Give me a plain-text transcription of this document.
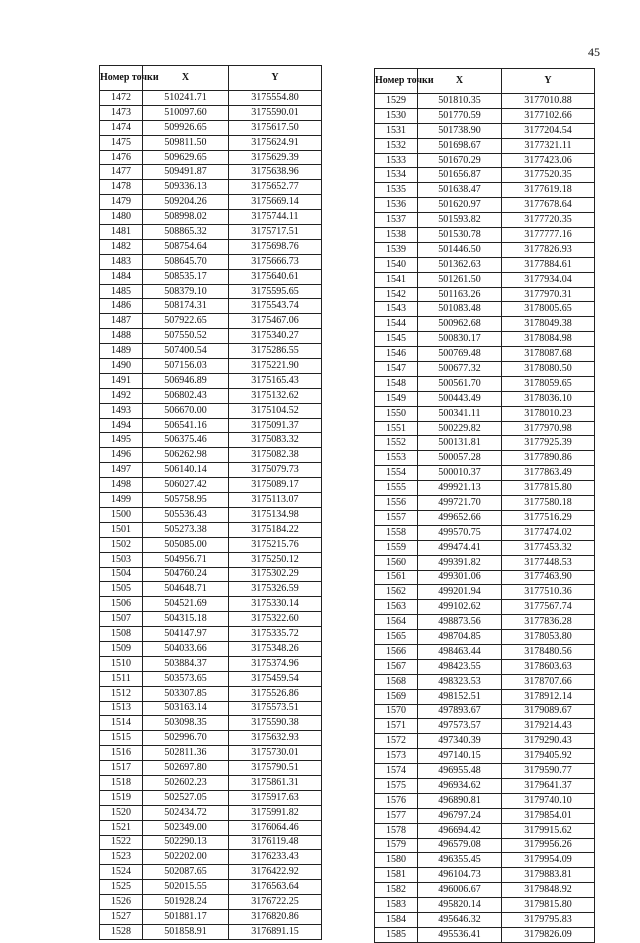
45
Номер точки	X	Y
1472	510241.71	3175554.80
1473	510097.60	3175590.01
1474	509926.65	3175617.50
1475	509811.50	3175624.91
1476	509629.65	3175629.39
1477	509491.87	3175638.96
1478	509336.13	3175652.77
1479	509204.26	3175669.14
1480	508998.02	3175744.11
1481	508865.32	3175717.51
1482	508754.64	3175698.76
1483	508645.70	3175666.73
1484	508535.17	3175640.61
1485	508379.10	3175595.65
1486	508174.31	3175543.74
1487	507922.65	3175467.06
1488	507550.52	3175340.27
1489	507400.54	3175286.55
1490	507156.03	3175221.90
1491	506946.89	3175165.43
1492	506802.43	3175132.62
1493	506670.00	3175104.52
1494	506541.16	3175091.37
1495	506375.46	3175083.32
1496	506262.98	3175082.38
1497	506140.14	3175079.73
1498	506027.42	3175089.17
1499	505758.95	3175113.07
1500	505536.43	3175134.98
1501	505273.38	3175184.22
1502	505085.00	3175215.76
1503	504956.71	3175250.12
1504	504760.24	3175302.29
1505	504648.71	3175326.59
1506	504521.69	3175330.14
1507	504315.18	3175322.60
1508	504147.97	3175335.72
1509	504033.66	3175348.26
1510	503884.37	3175374.96
1511	503573.65	3175459.54
1512	503307.85	3175526.86
1513	503163.14	3175573.51
1514	503098.35	3175590.38
1515	502996.70	3175632.93
1516	502811.36	3175730.01
1517	502697.80	3175790.51
1518	502602.23	3175861.31
1519	502527.05	3175917.63
1520	502434.72	3175991.82
1521	502349.00	3176064.46
1522	502290.13	3176119.48
1523	502202.00	3176233.43
1524	502087.65	3176422.92
1525	502015.55	3176563.64
1526	501928.24	3176722.25
1527	501881.17	3176820.86
1528	501858.91	3176891.15
Номер точки	X	Y
1529	501810.35	3177010.88
1530	501770.59	3177102.66
1531	501738.90	3177204.54
1532	501698.67	3177321.11
1533	501670.29	3177423.06
1534	501656.87	3177520.35
1535	501638.47	3177619.18
1536	501620.97	3177678.64
1537	501593.82	3177720.35
1538	501530.78	3177777.16
1539	501446.50	3177826.93
1540	501362.63	3177884.61
1541	501261.50	3177934.04
1542	501163.26	3177970.31
1543	501083.48	3178005.65
1544	500962.68	3178049.38
1545	500830.17	3178084.98
1546	500769.48	3178087.68
1547	500677.32	3178080.50
1548	500561.70	3178059.65
1549	500443.49	3178036.10
1550	500341.11	3178010.23
1551	500229.82	3177970.98
1552	500131.81	3177925.39
1553	500057.28	3177890.86
1554	500010.37	3177863.49
1555	499921.13	3177815.80
1556	499721.70	3177580.18
1557	499652.66	3177516.29
1558	499570.75	3177474.02
1559	499474.41	3177453.32
1560	499391.82	3177448.53
1561	499301.06	3177463.90
1562	499201.94	3177510.36
1563	499102.62	3177567.74
1564	498873.56	3177836.28
1565	498704.85	3178053.80
1566	498463.44	3178480.56
1567	498423.55	3178603.63
1568	498323.53	3178707.66
1569	498152.51	3178912.14
1570	497893.67	3179089.67
1571	497573.57	3179214.43
1572	497340.39	3179290.43
1573	497140.15	3179405.92
1574	496955.48	3179590.77
1575	496934.62	3179641.37
1576	496890.81	3179740.10
1577	496797.24	3179854.01
1578	496694.42	3179915.62
1579	496579.08	3179956.26
1580	496355.45	3179954.09
1581	496104.73	3179883.81
1582	496006.67	3179848.92
1583	495820.14	3179815.80
1584	495646.32	3179795.83
1585	495536.41	3179826.09
